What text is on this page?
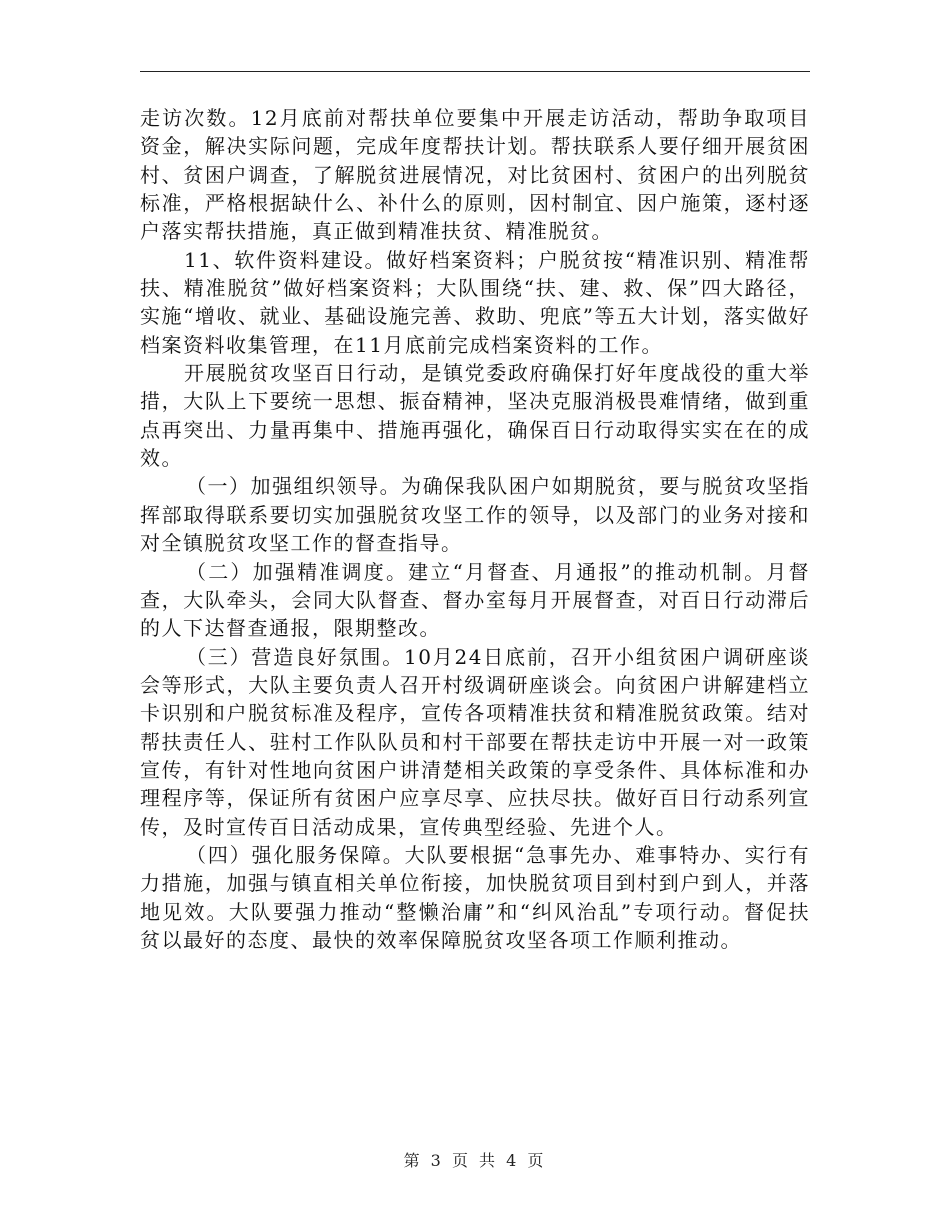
走访次数。12月底前对帮扶单位要集中开展走访活动，帮助争取项目资金，解决实际问题，完成年度帮扶计划。帮扶联系人要仔细开展贫困村、贫困户调查，了解脱贫进展情况，对比贫困村、贫困户的出列脱贫标准，严格根据缺什么、补什么的原则，因村制宜、因户施策，逐村逐户落实帮扶措施，真正做到精准扶贫、精准脱贫。

11、软件资料建设。做好档案资料；户脱贫按“精准识别、精准帮扶、精准脱贫”做好档案资料；大队围绕“扶、建、救、保”四大路径，实施“增收、就业、基础设施完善、救助、兜底”等五大计划，落实做好档案资料收集管理，在11月底前完成档案资料的工作。

开展脱贫攻坚百日行动，是镇党委政府确保打好年度战役的重大举措，大队上下要统一思想、振奋精神，坚决克服消极畏难情绪，做到重点再突出、力量再集中、措施再强化，确保百日行动取得实实在在的成效。

（一）加强组织领导。为确保我队困户如期脱贫，要与脱贫攻坚指挥部取得联系要切实加强脱贫攻坚工作的领导，以及部门的业务对接和对全镇脱贫攻坚工作的督查指导。

（二）加强精准调度。建立“月督查、月通报”的推动机制。月督查，大队牵头，会同大队督查、督办室每月开展督查，对百日行动滞后的人下达督查通报，限期整改。

（三）营造良好氛围。10月24日底前，召开小组贫困户调研座谈会等形式，大队主要负责人召开村级调研座谈会。向贫困户讲解建档立卡识别和户脱贫标准及程序，宣传各项精准扶贫和精准脱贫政策。结对帮扶责任人、驻村工作队队员和村干部要在帮扶走访中开展一对一政策宣传，有针对性地向贫困户讲清楚相关政策的享受条件、具体标准和办理程序等，保证所有贫困户应享尽享、应扶尽扶。做好百日行动系列宣传，及时宣传百日活动成果，宣传典型经验、先进个人。

（四）强化服务保障。大队要根据“急事先办、难事特办、实行有力措施，加强与镇直相关单位衔接，加快脱贫项目到村到户到人，并落地见效。大队要强力推动“整懒治庸”和“纠风治乱”专项行动。督促扶贫以最好的态度、最快的效率保障脱贫攻坚各项工作顺利推动。

第 3 页 共 4 页
